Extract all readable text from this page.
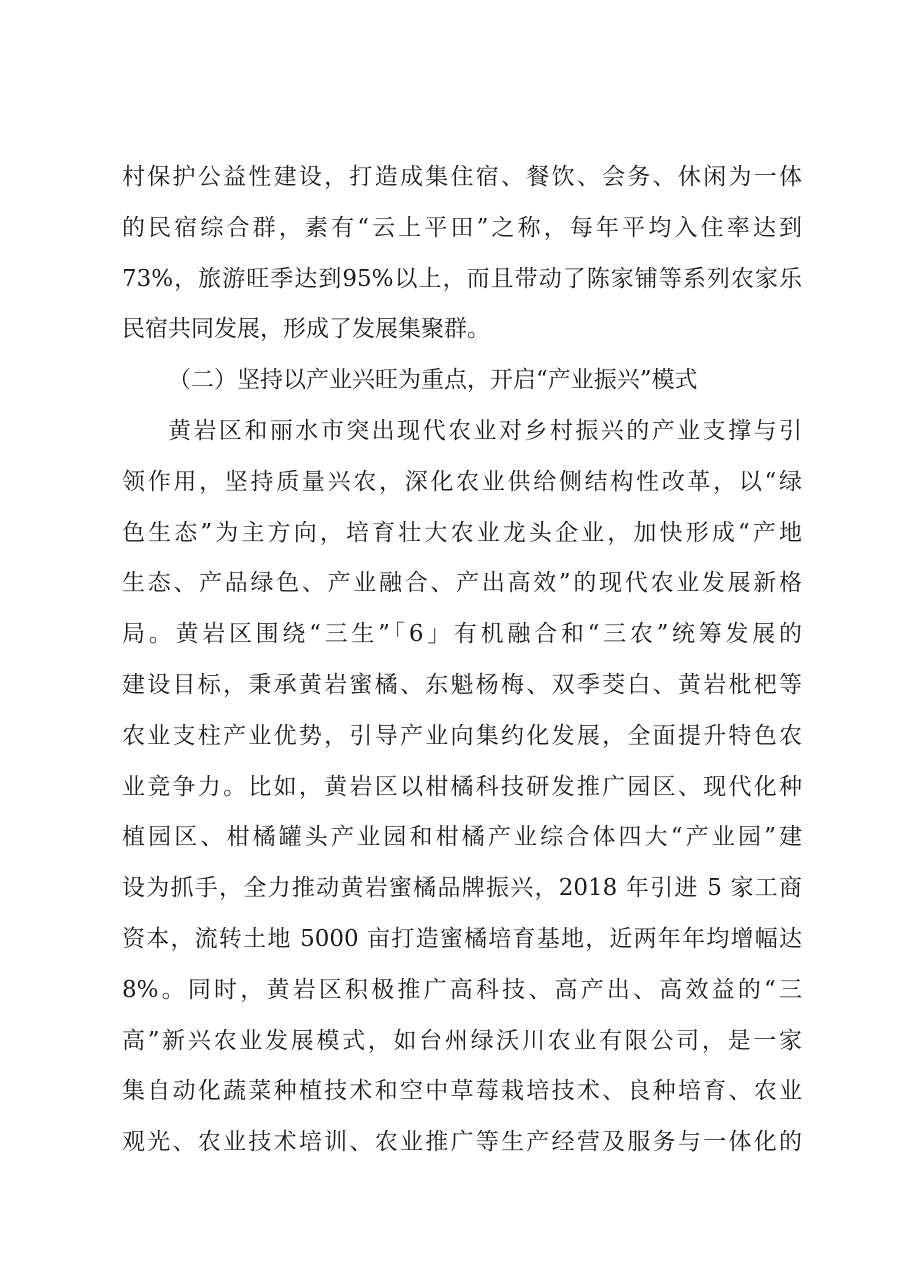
村保护公益性建设，打造成集住宿、餐饮、会务、休闲为一体
的民宿综合群，素有“云上平田”之称，每年平均入住率达到
73%，旅游旺季达到95%以上，而且带动了陈家铺等系列农家乐
民宿共同发展，形成了发展集聚群。
（二）坚持以产业兴旺为重点，开启“产业振兴”模式
黄岩区和丽水市突出现代农业对乡村振兴的产业支撑与引
领作用，坚持质量兴农，深化农业供给侧结构性改革，以“绿
色生态”为主方向，培育壮大农业龙头企业，加快形成“产地
生态、产品绿色、产业融合、产出高效”的现代农业发展新格
局。黄岩区围绕“三生”「6」有机融合和“三农”统筹发展的
建设目标，秉承黄岩蜜橘、东魁杨梅、双季茭白、黄岩枇杷等
农业支柱产业优势，引导产业向集约化发展，全面提升特色农
业竞争力。比如，黄岩区以柑橘科技研发推广园区、现代化种
植园区、柑橘罐头产业园和柑橘产业综合体四大“产业园”建
设为抓手，全力推动黄岩蜜橘品牌振兴，2018 年引进 5 家工商
资本，流转土地 5000 亩打造蜜橘培育基地，近两年年均增幅达
8%。同时，黄岩区积极推广高科技、高产出、高效益的“三
高”新兴农业发展模式，如台州绿沃川农业有限公司，是一家
集自动化蔬菜种植技术和空中草莓栽培技术、良种培育、农业
观光、农业技术培训、农业推广等生产经营及服务与一体化的
